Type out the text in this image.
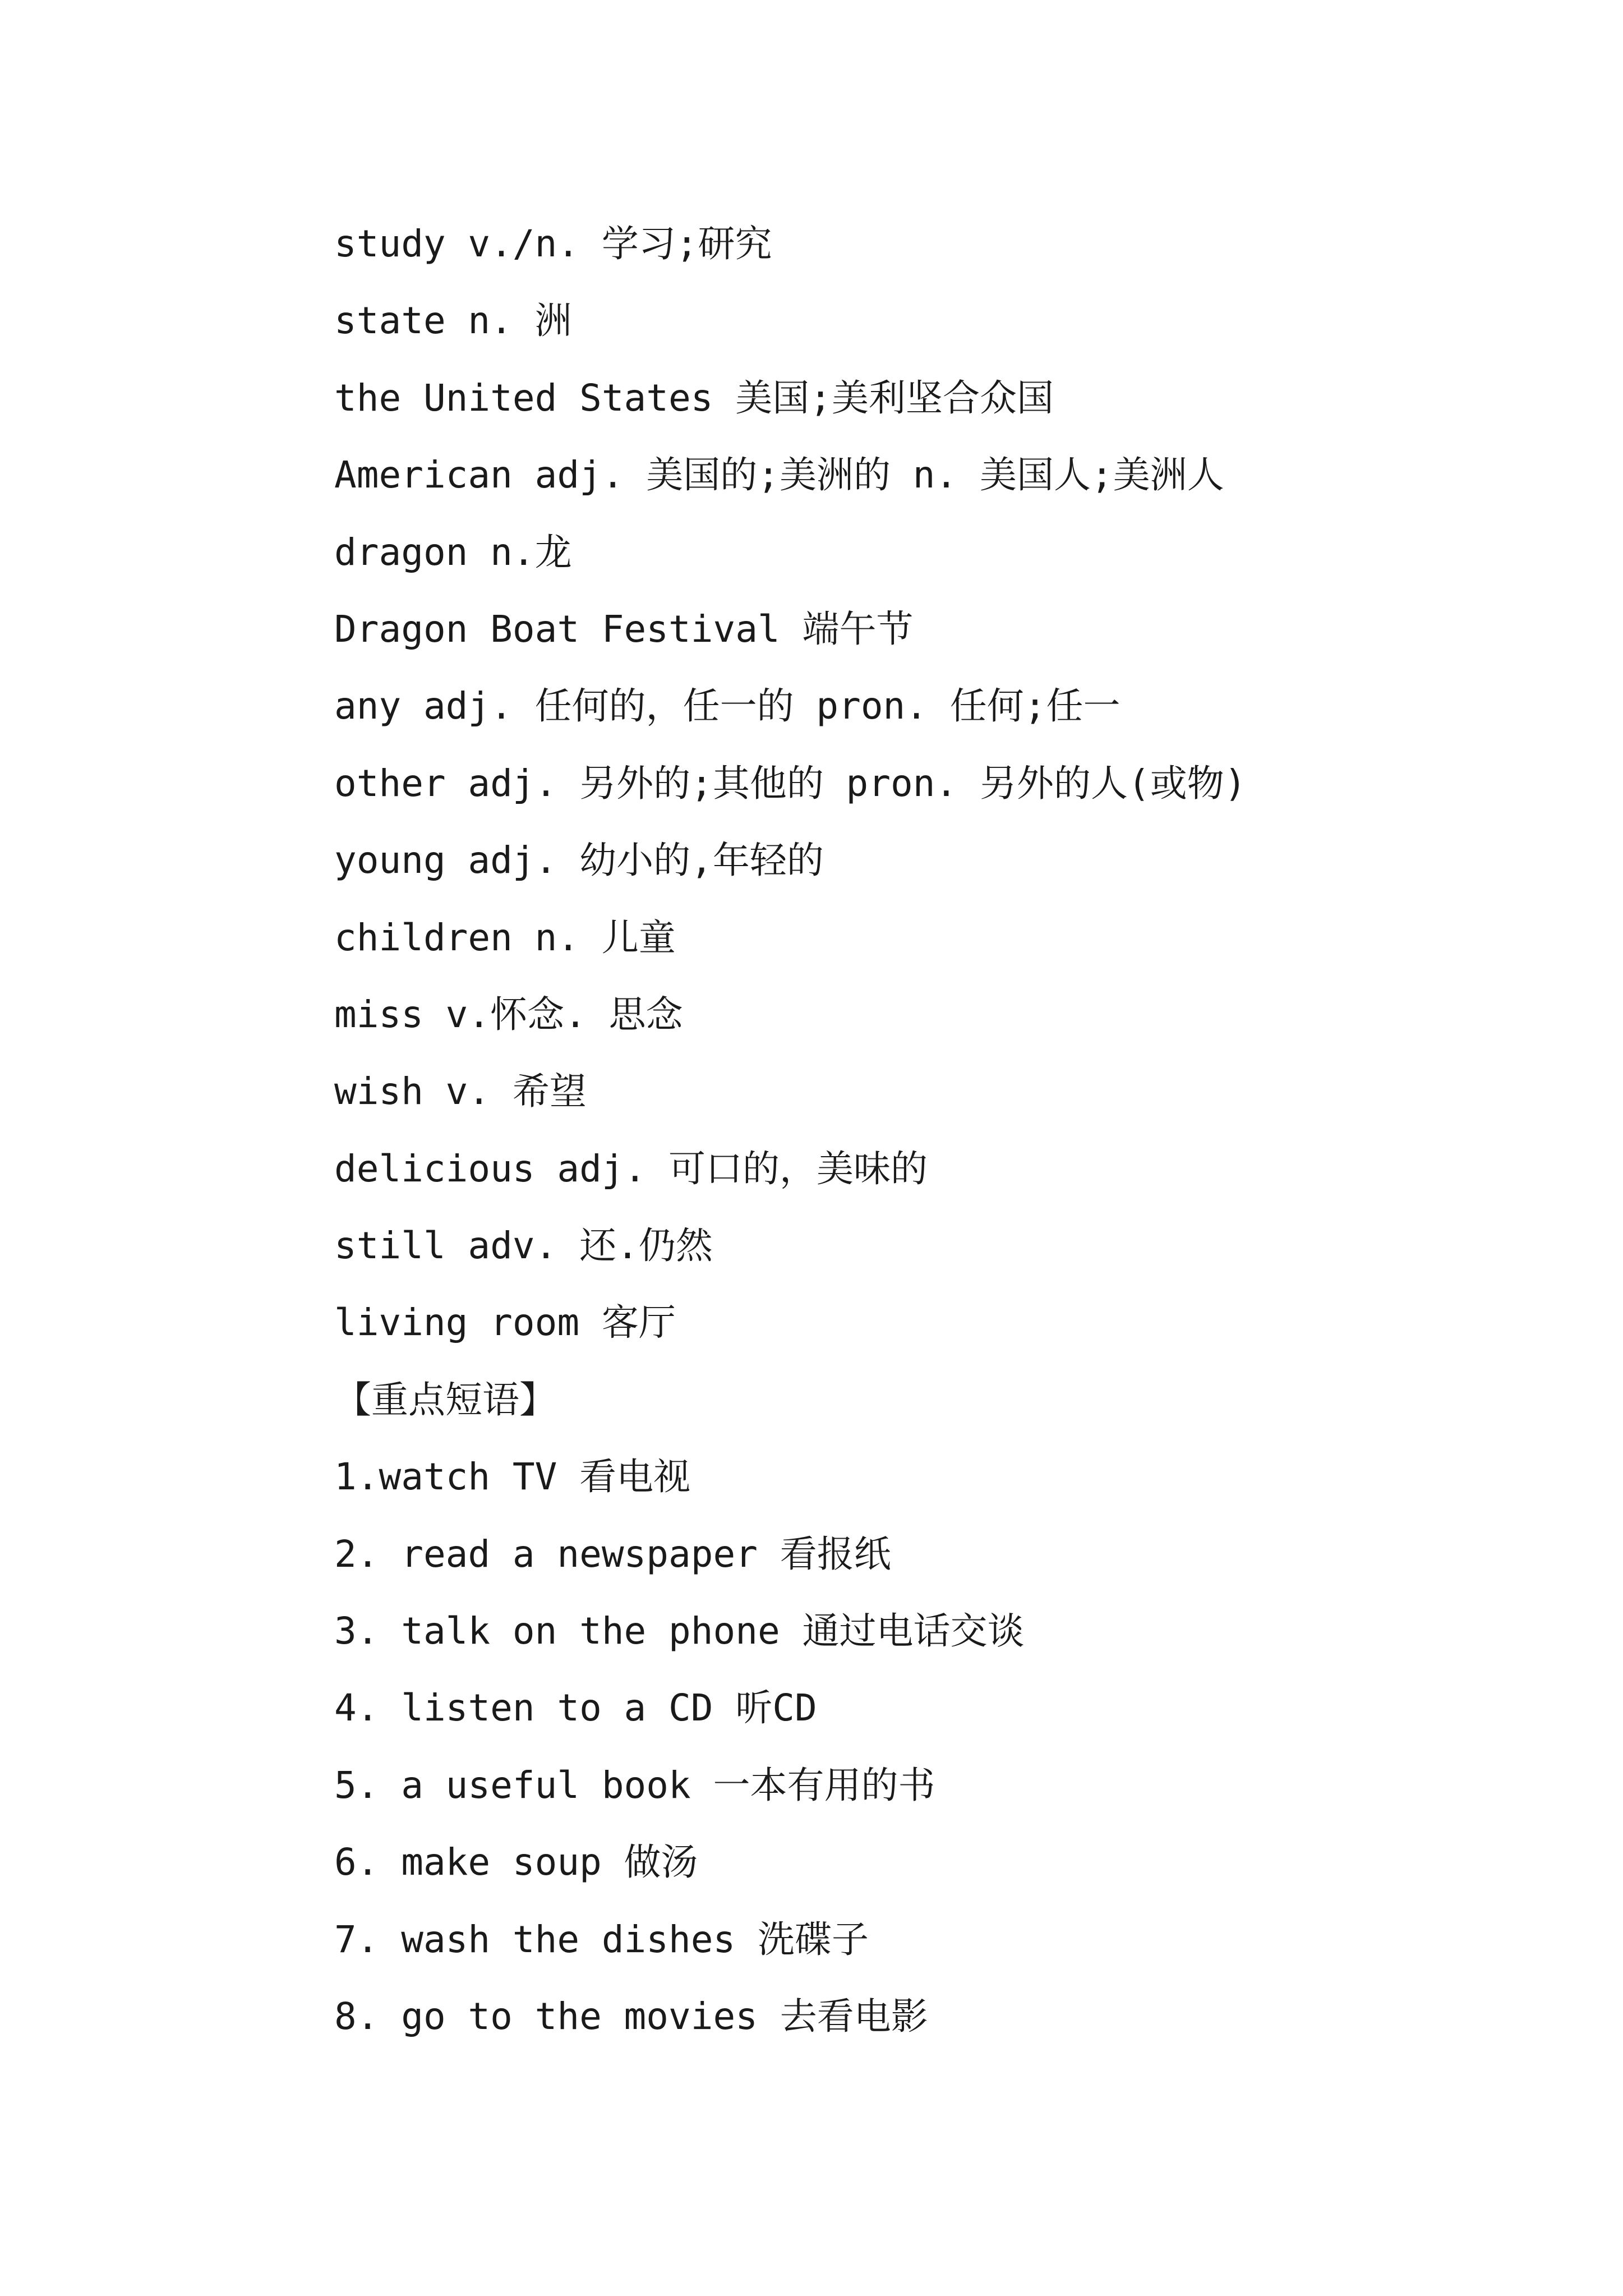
study v./n. 学习;研究
state n. 洲
the United States 美国;美利坚合众国
American adj. 美国的;美洲的 n. 美国人;美洲人
dragon n.龙
Dragon Boat Festival 端午节
any adj. 任何的，任一的 pron. 任何;任一
other adj. 另外的;其他的 pron. 另外的人(或物)
young adj. 幼小的,年轻的
children n. 儿童
miss v.怀念. 思念
wish v. 希望
delicious adj. 可口的，美味的
still adv. 还.仍然
living room 客厅
【重点短语】
1.watch TV 看电视
2. read a newspaper 看报纸
3. talk on the phone 通过电话交谈
4. listen to a CD 听CD
5. a useful book 一本有用的书
6. make soup 做汤
7. wash the dishes 洗碟子
8. go to the movies 去看电影
